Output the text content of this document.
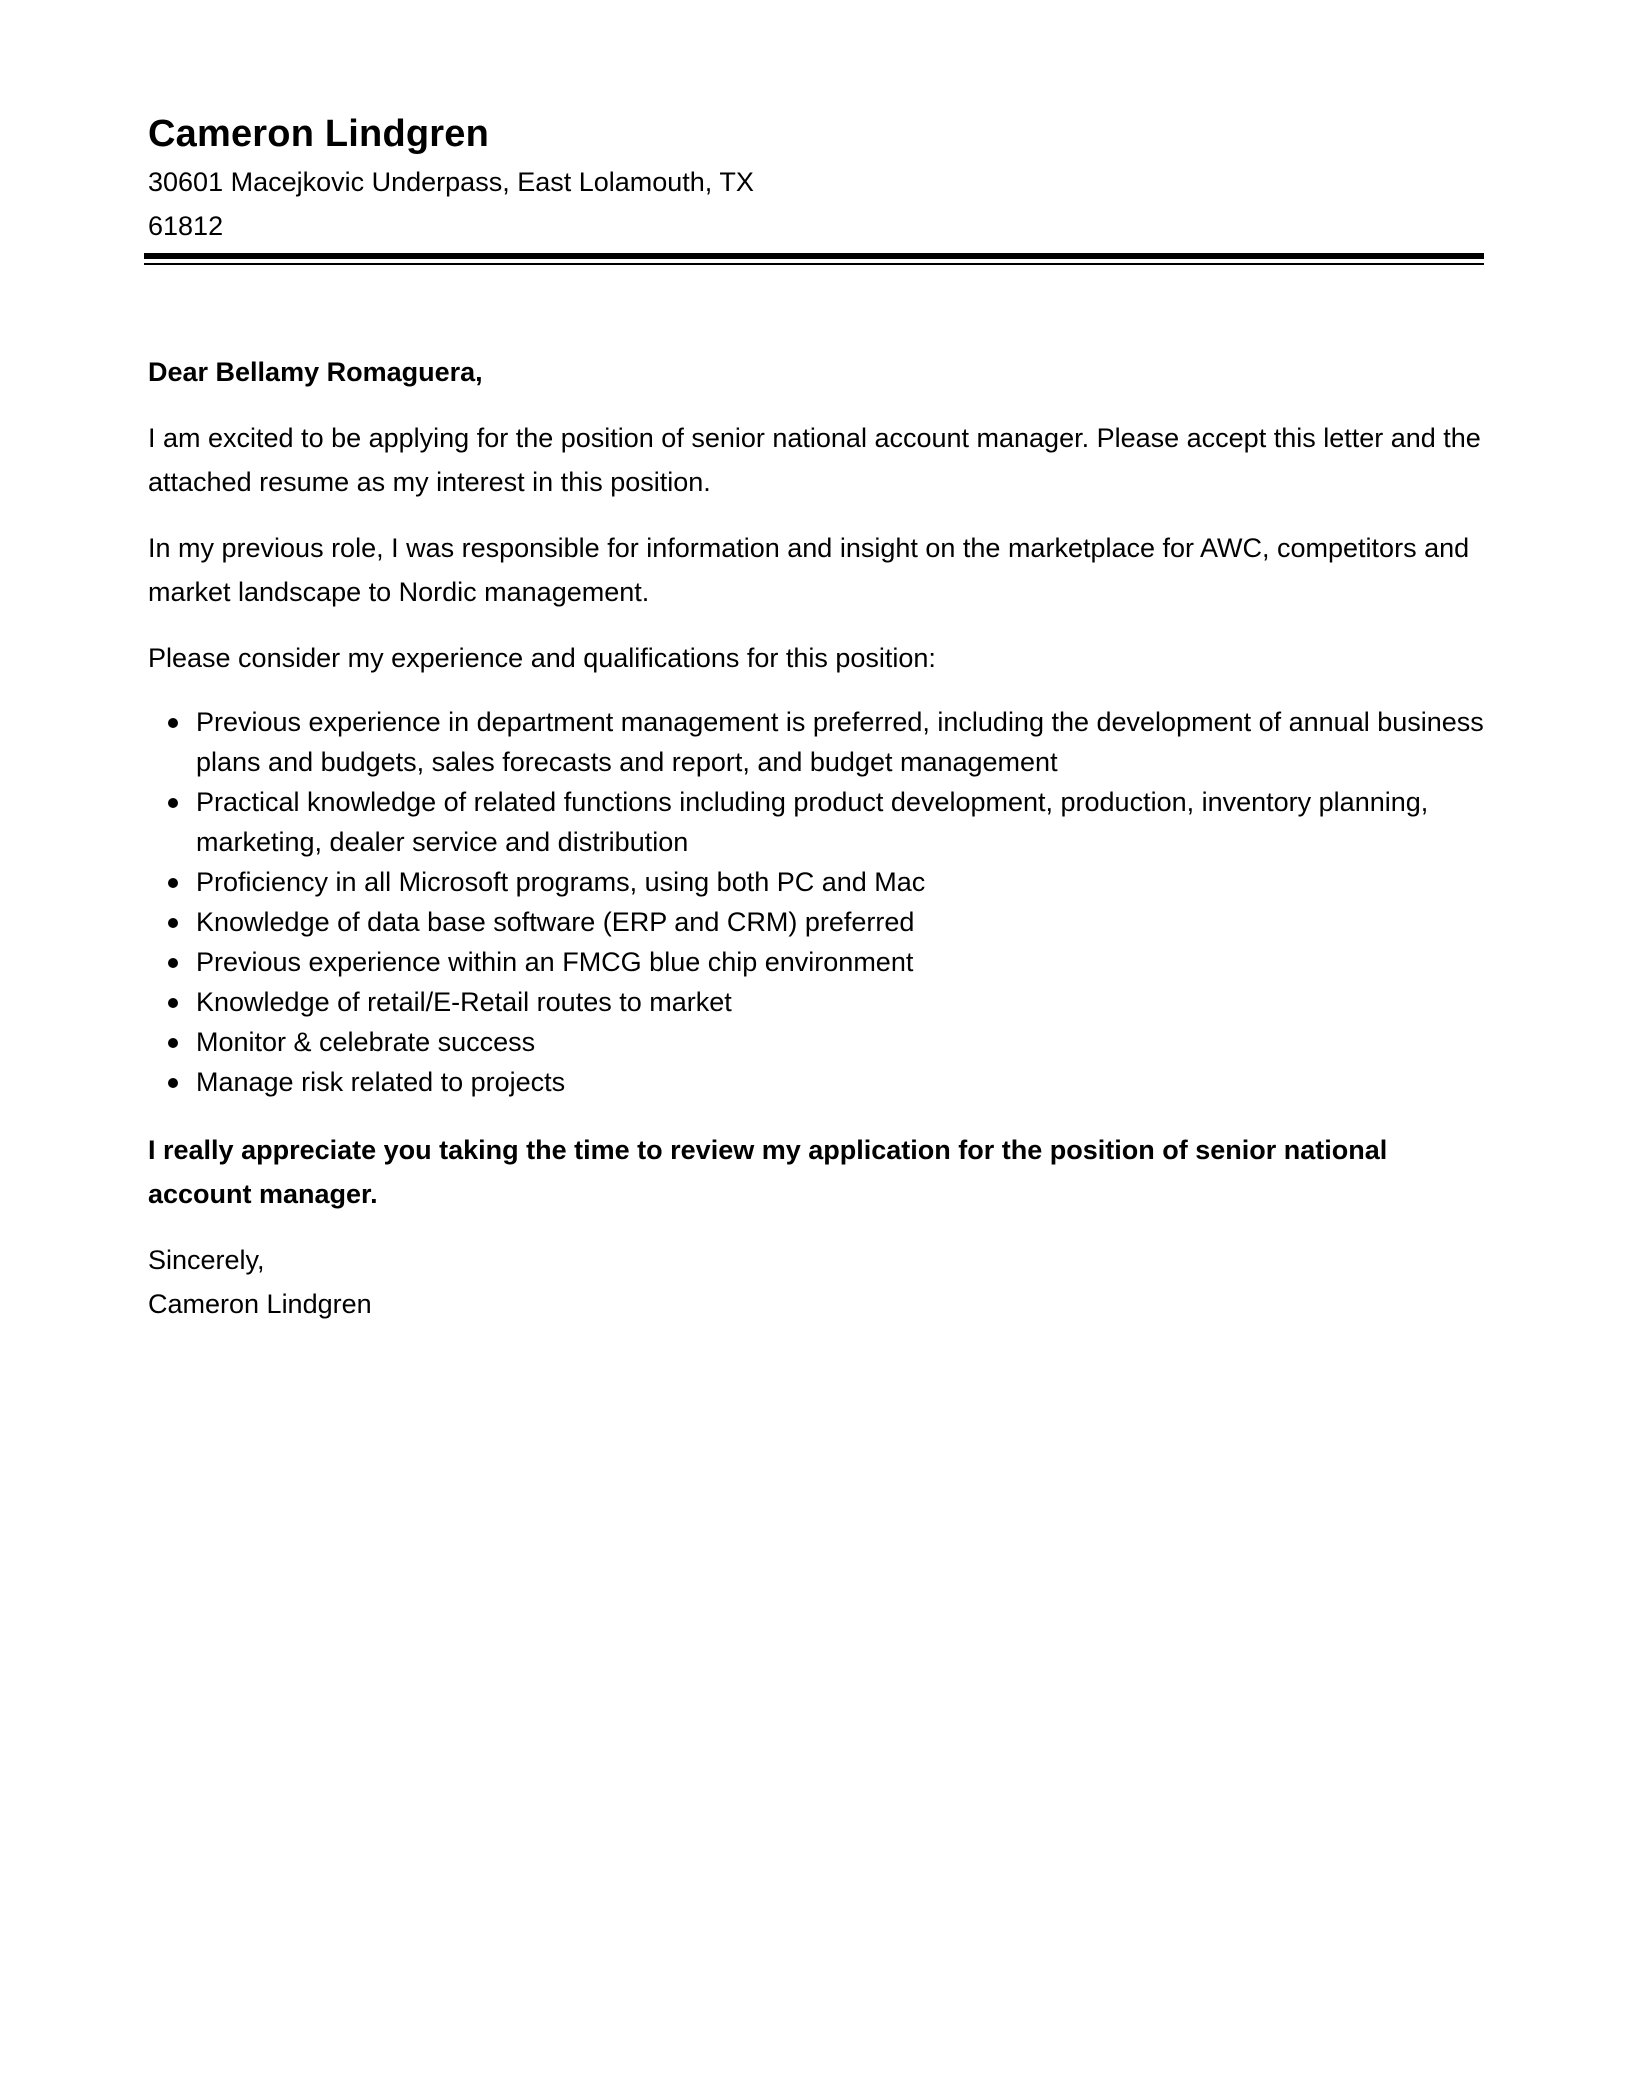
Cameron Lindgren
30601 Macejkovic Underpass, East Lolamouth, TX 61812
Dear Bellamy Romaguera,

I am excited to be applying for the position of senior national account manager. Please accept this letter and the attached resume as my interest in this position.

In my previous role, I was responsible for information and insight on the marketplace for AWC, competitors and market landscape to Nordic management.

Please consider my experience and qualifications for this position:

Previous experience in department management is preferred, including the development of annual business plans and budgets, sales forecasts and report, and budget management
Practical knowledge of related functions including product development, production, inventory planning, marketing, dealer service and distribution
Proficiency in all Microsoft programs, using both PC and Mac
Knowledge of data base software (ERP and CRM) preferred
Previous experience within an FMCG blue chip environment
Knowledge of retail/E-Retail routes to market
Monitor & celebrate success
Manage risk related to projects
I really appreciate you taking the time to review my application for the position of senior national account manager.
Sincerely,
Cameron Lindgren
